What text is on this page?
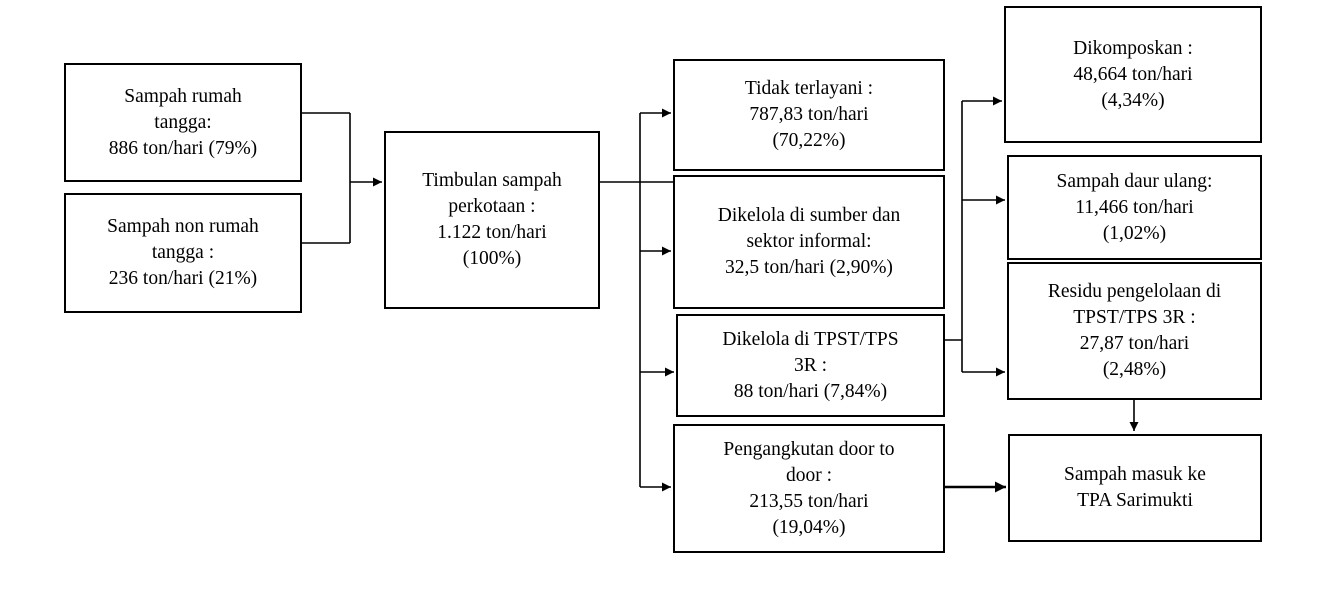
Sampah rumah
tangga:
886 ton/hari (79%)
Sampah non rumah
tangga :
236 ton/hari (21%)
Timbulan sampah
perkotaan :
1.122 ton/hari
(100%)
Tidak terlayani :
787,83 ton/hari
(70,22%)
Dikelola di sumber dan
sektor informal:
32,5 ton/hari (2,90%)
Dikelola di TPST/TPS
3R :
88 ton/hari (7,84%)
Pengangkutan door to
door :
213,55 ton/hari
(19,04%)
Dikomposkan :
48,664 ton/hari
(4,34%)
Sampah daur ulang:
11,466 ton/hari
(1,02%)
Residu pengelolaan di
TPST/TPS 3R :
27,87 ton/hari
(2,48%)
Sampah masuk ke
TPA Sarimukti
